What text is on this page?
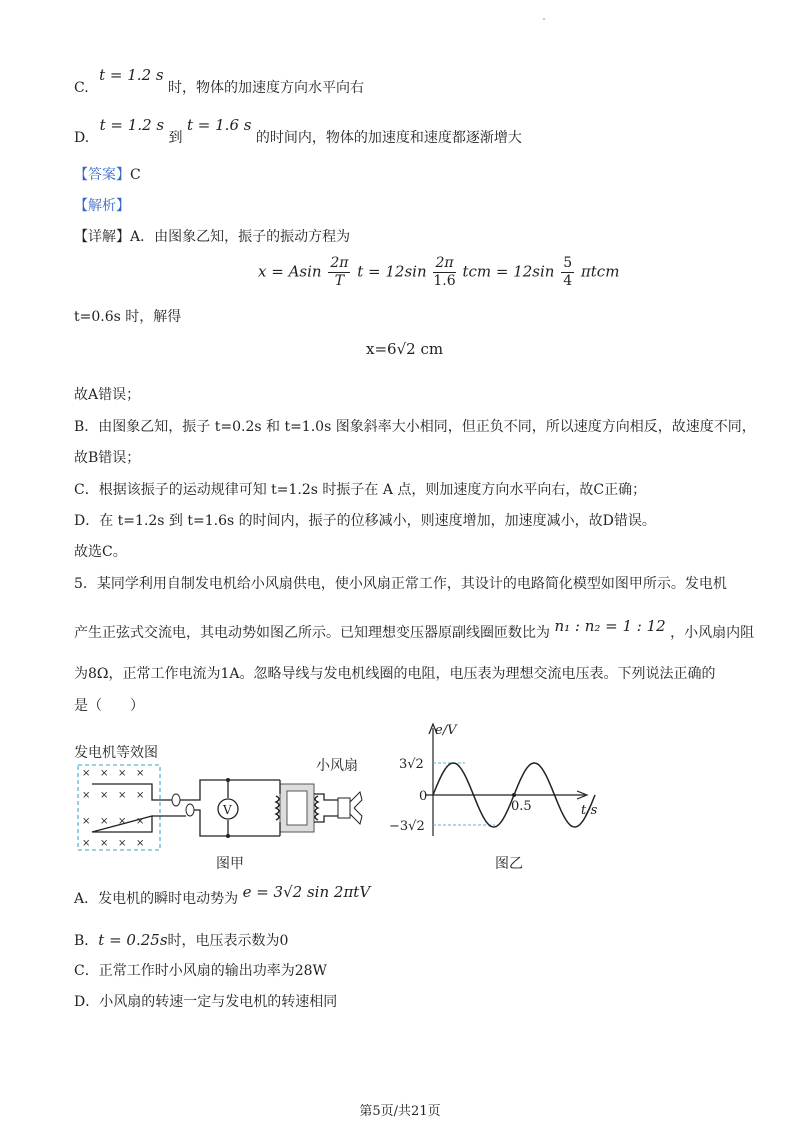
C. t = 1.2 s 时，物体的加速度方向水平向右
D. t = 1.2 s 到 t = 1.6 s 的时间内，物体的加速度和速度都逐渐增大
【答案】C
【解析】
【详解】A．由图象乙知，振子的振动方程为
x = Asin $\frac{2\pi}{T}$ $t = 12\sin \frac{2\pi}{1.6}$ tcm = $12\sin \frac{5}{4}$ πtcm
t=0.6s 时，解得
x=6√2 cm
故A错误；
B．由图象乙知，振子 t=0.2s 和 t=1.0s 图象斜率大小相同，但正负不同，所以速度方向相反，故速度不同，
故B错误；
C．根据该振子的运动规律可知 t=1.2s 时振子在 A 点，则加速度方向水平向右，故C正确；
D．在 t=1.2s 到 t=1.6s 的时间内，振子的位移减小，则速度增加，加速度减小，故D错误。
故选C。
5．某同学利用自制发电机给小风扇供电，使小风扇正常工作，其设计的电路简化模型如图甲所示。发电机
产生正弦式交流电，其电动势如图乙所示。已知理想变压器原副线圈匝数比为 n₁ : n₂ = 1 : 12 ，小风扇内阻
为8Ω，正常工作电流为1A。忽略导线与发电机线圈的电阻，电压表为理想交流电压表。下列说法正确的
是（　　）
发电机等效图
× × × ×
× × × ×
× × × ×
× × × ×
V
小风扇
图甲
e/V
t/s
3√2
−3√2
0
0.5
图乙
A．发电机的瞬时电动势为 e = 3√2 sin 2πtV
B．t = 0.25s时，电压表示数为0
C．正常工作时小风扇的输出功率为28W
D．小风扇的转速一定与发电机的转速相同
第5页/共21页
